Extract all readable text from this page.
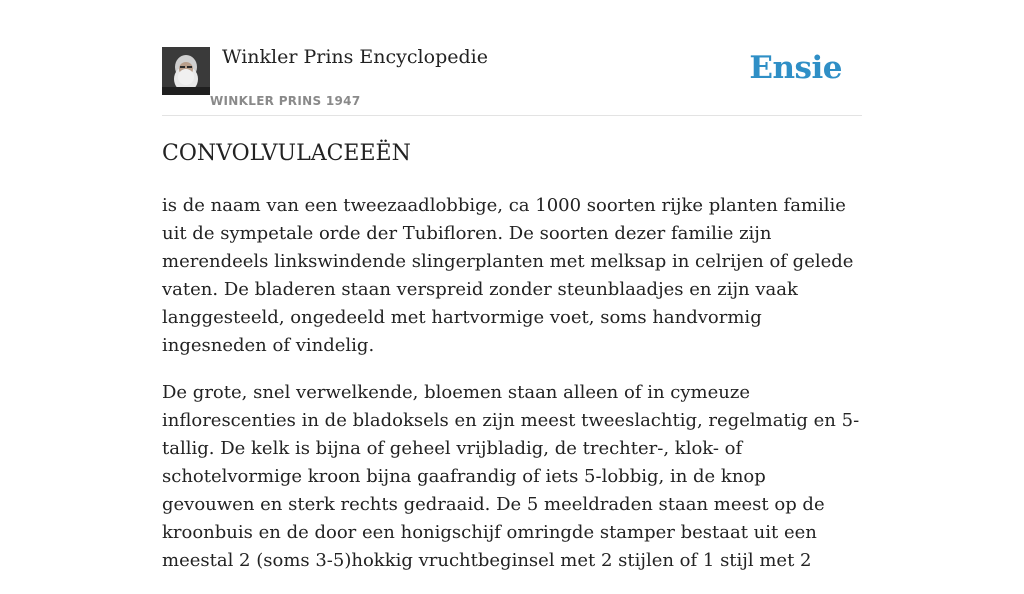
Winkler Prins Encyclopedie
WINKLER PRINS 1947
Ensie
CONVOLVULACEEËN

is de naam van een tweezaadlobbige, ca 1000 soorten rijke planten familie uit de sympetale orde der Tubifloren. De soorten dezer familie zijn merendeels linkswindende slingerplanten met melksap in celrijen of gelede vaten. De bladeren staan verspreid zonder steunblaadjes en zijn vaak langgesteeld, ongedeeld met hartvormige voet, soms handvormig ingesneden of vindelig.

De grote, snel verwelkende, bloemen staan alleen of in cymeuze inflorescenties in de bladoksels en zijn meest tweeslachtig, regelmatig en 5-tallig. De kelk is bijna of geheel vrijbladig, de trechter-, klok- of schotelvormige kroon bijna gaafrandig of iets 5-lobbig, in de knop gevouwen en sterk rechts gedraaid. De 5 meeldraden staan meest op de kroonbuis en de door een honigschijf omringde stamper bestaat uit een meestal 2 (soms 3-5)hokkig vruchtbeginsel met 2 stijlen of 1 stijl met 2
